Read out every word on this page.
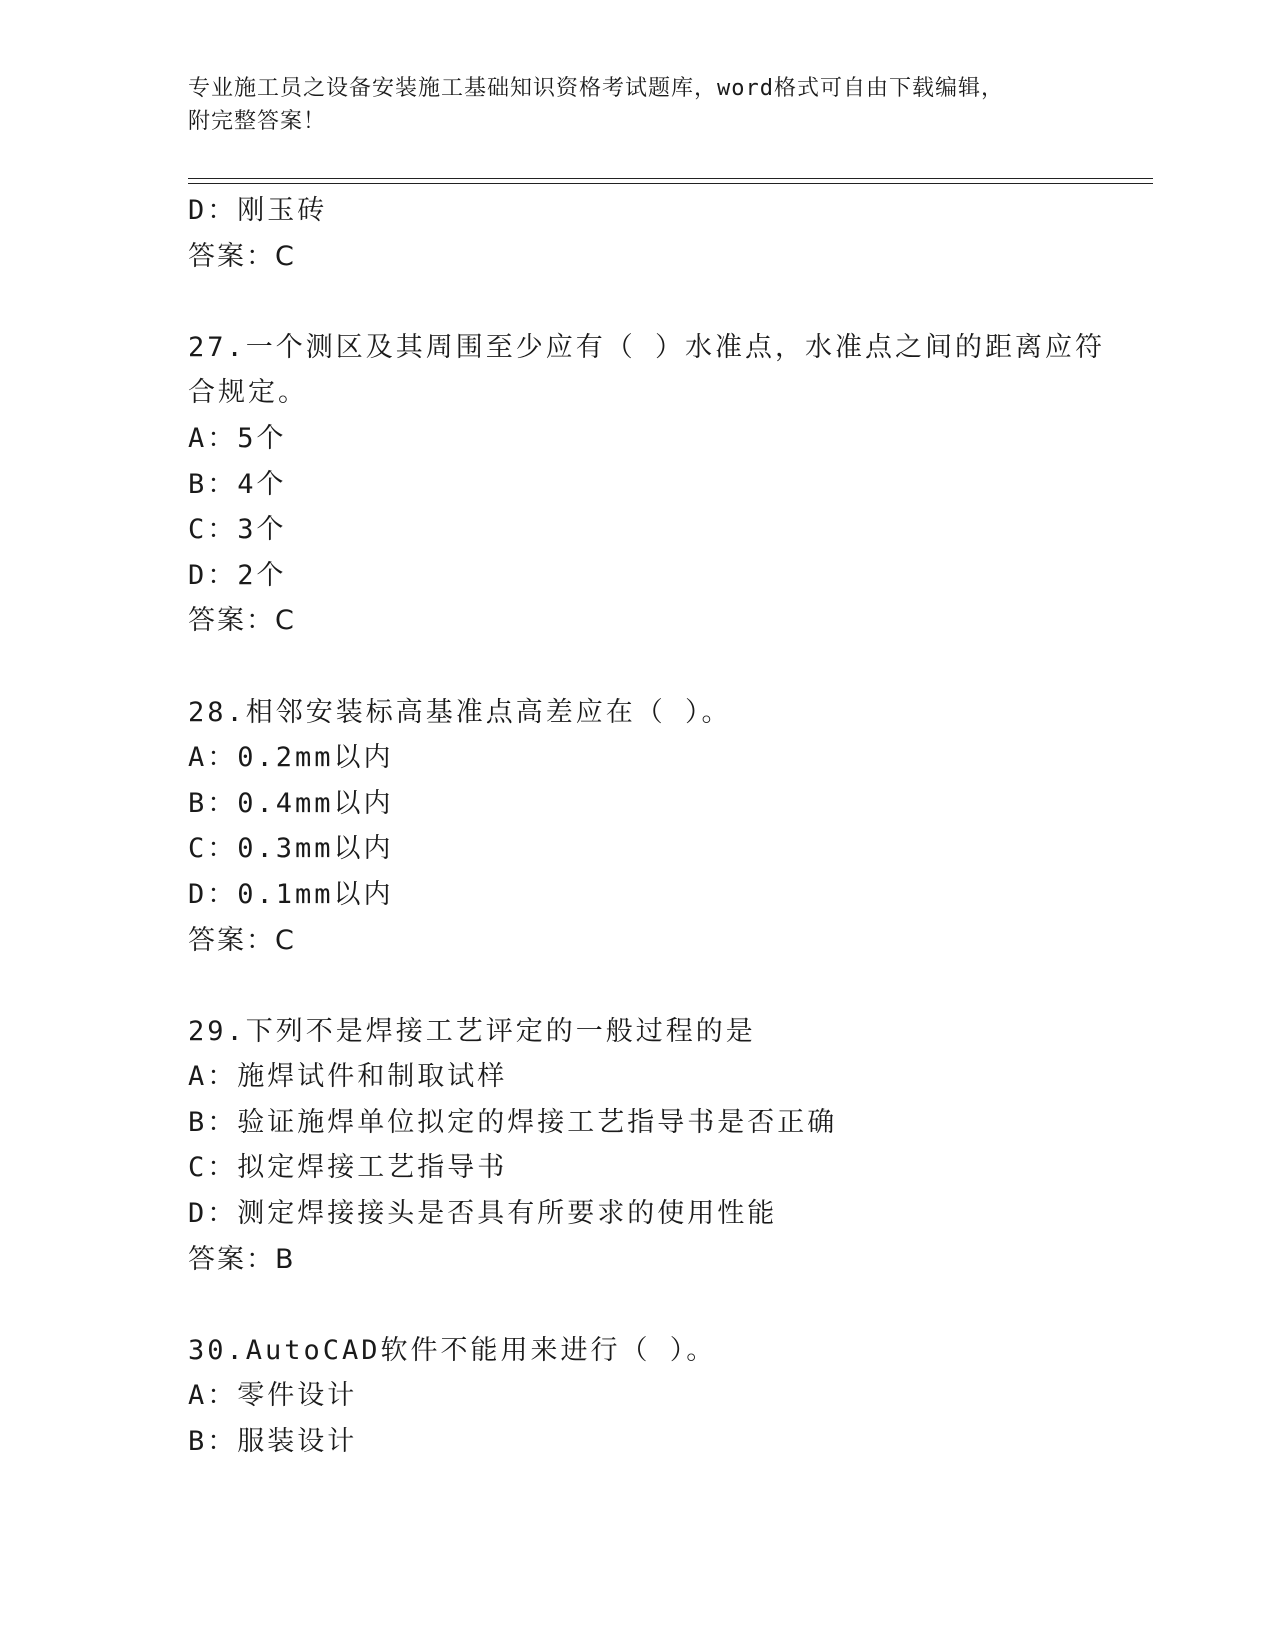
专业施工员之设备安装施工基础知识资格考试题库，word格式可自由下载编辑，
附完整答案！
D：刚玉砖
答案：C
27.一个测区及其周围至少应有（ ）水准点，水准点之间的距离应符
合规定。
A：5个
B：4个
C：3个
D：2个
答案：C
28.相邻安装标高基准点高差应在（ ）。
A：0.2mm以内
B：0.4mm以内
C：0.3mm以内
D：0.1mm以内
答案：C
29.下列不是焊接工艺评定的一般过程的是
A：施焊试件和制取试样
B：验证施焊单位拟定的焊接工艺指导书是否正确
C：拟定焊接工艺指导书
D：测定焊接接头是否具有所要求的使用性能
答案：B
30.AutoCAD软件不能用来进行（ ）。
A：零件设计
B：服装设计
